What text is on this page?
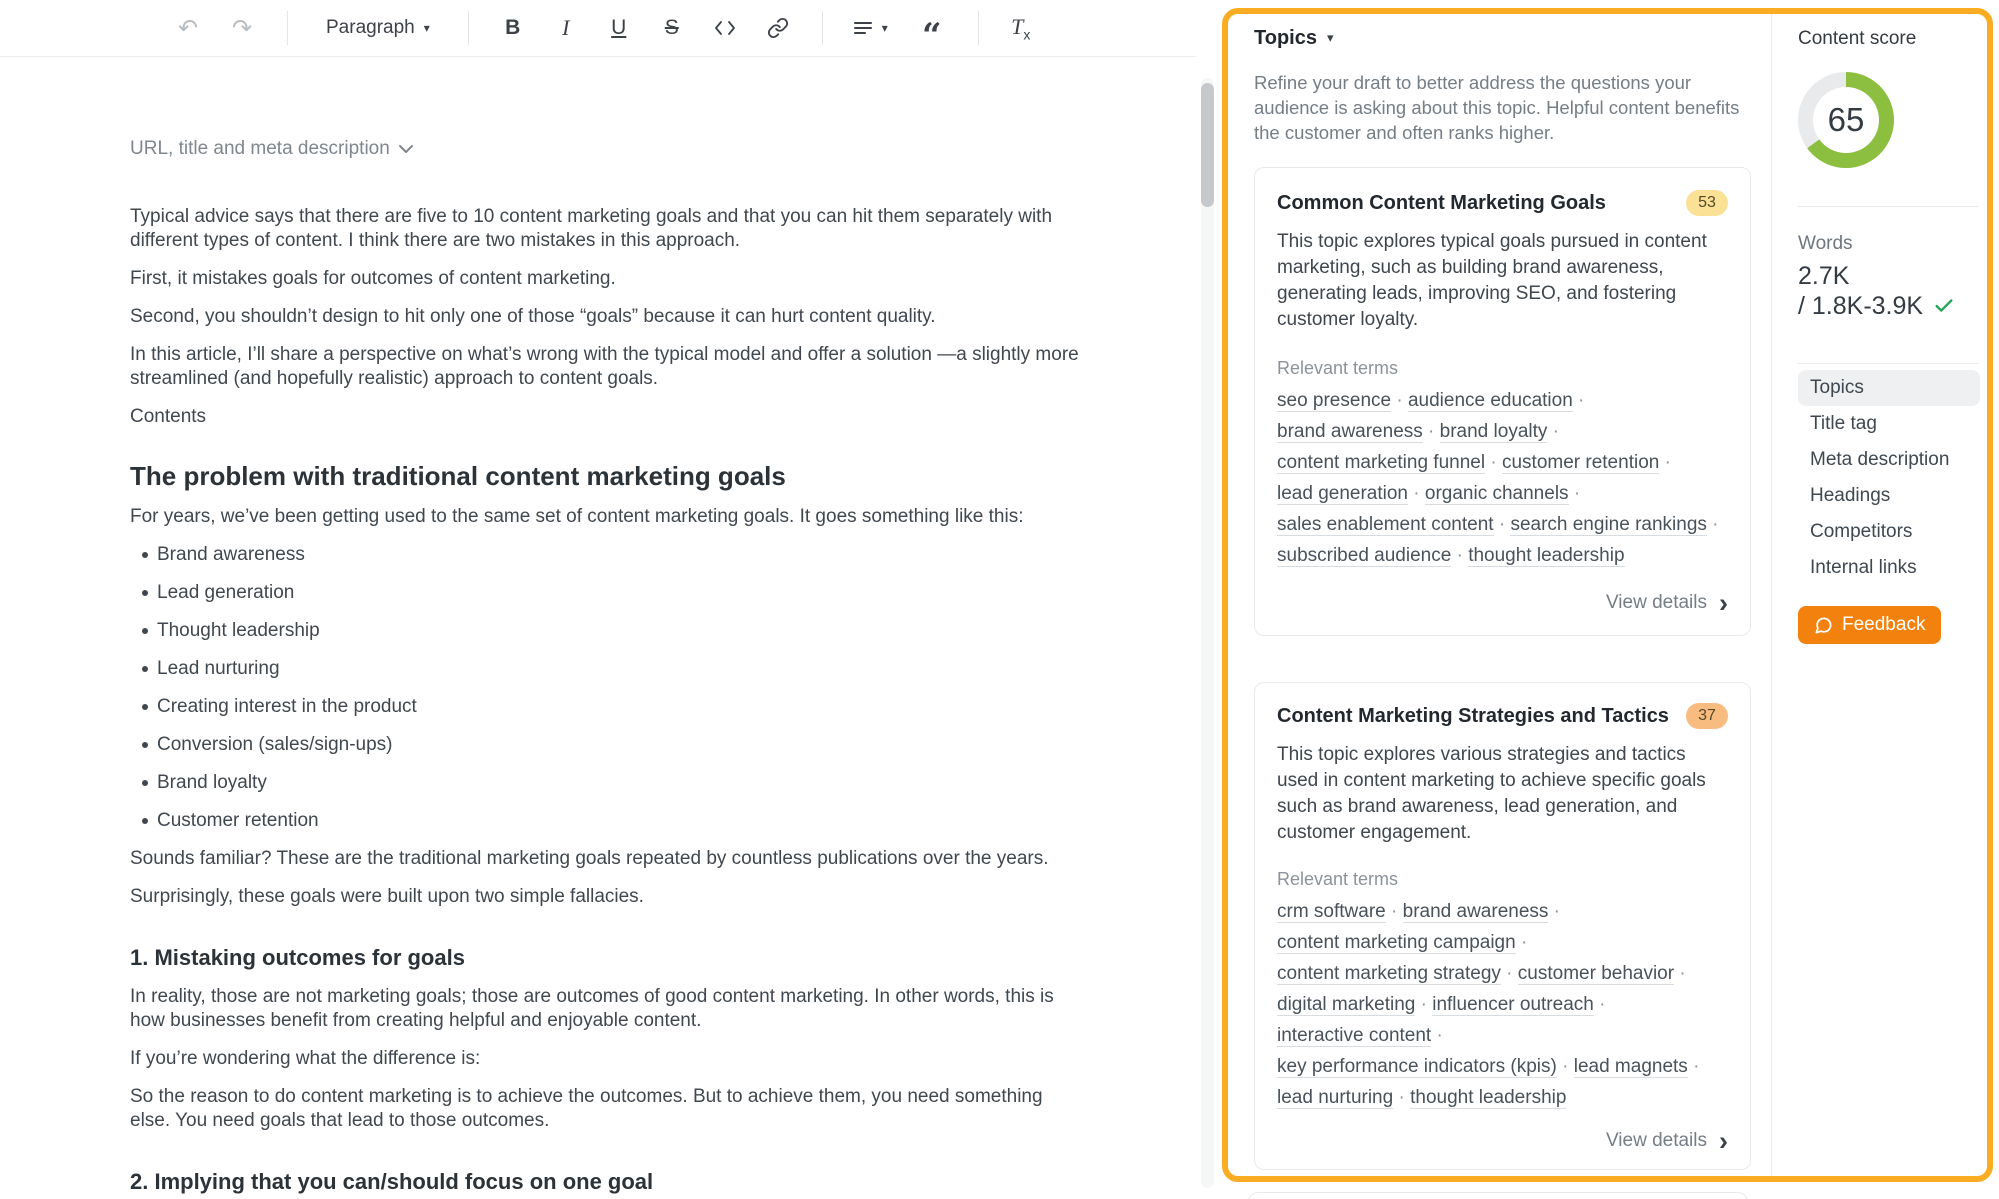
↶ ↷	Paragraph ▾	B I U S	▾ “	$T_x$
URL, title and meta description

Typical advice says that there are five to 10 content marketing goals and that you can hit them separately with different types of content. I think there are two mistakes in this approach.

First, it mistakes goals for outcomes of content marketing.

Second, you shouldn’t design to hit only one of those “goals” because it can hurt content quality.

In this article, I’ll share a perspective on what’s wrong with the typical model and offer a solution —a slightly more streamlined (and hopefully realistic) approach to content goals.

Contents

The problem with traditional content marketing goals

For years, we’ve been getting used to the same set of content marketing goals. It goes something like this:

Brand awareness
Lead generation
Thought leadership
Lead nurturing
Creating interest in the product
Conversion (sales/sign-ups)
Brand loyalty
Customer retention

Sounds familiar? These are the traditional marketing goals repeated by countless publications over the years.

Surprisingly, these goals were built upon two simple fallacies.

1. Mistaking outcomes for goals

In reality, those are not marketing goals; those are outcomes of good content marketing. In other words, this is how businesses benefit from creating helpful and enjoyable content.

If you’re wondering what the difference is:

So the reason to do content marketing is to achieve the outcomes. But to achieve them, you need something else. You need goals that lead to those outcomes.

2. Implying that you can/should focus on one goal
Topics ▾
Refine your draft to better address the questions your audience is asking about this topic. Helpful content benefits the customer and often ranks higher.
Common Content Marketing Goals	53
This topic explores typical goals pursued in content marketing, such as building brand awareness, generating leads, improving SEO, and fostering customer loyalty.
Relevant terms
seo presence · audience education ·
brand awareness · brand loyalty ·
content marketing funnel · customer retention ·
lead generation · organic channels ·
sales enablement content · search engine rankings ·
subscribed audience · thought leadership
View details ›
Content Marketing Strategies and Tactics	37
This topic explores various strategies and tactics used in content marketing to achieve specific goals such as brand awareness, lead generation, and customer engagement.
Relevant terms
crm software · brand awareness ·
content marketing campaign ·
content marketing strategy · customer behavior ·
digital marketing · influencer outreach ·
interactive content ·
key performance indicators (kpis) · lead magnets ·
lead nurturing · thought leadership
View details ›
Content score
65
Words
2.7K
/ 1.8K-3.9K
Topics
Title tag
Meta description
Headings
Competitors
Internal links
Feedback
